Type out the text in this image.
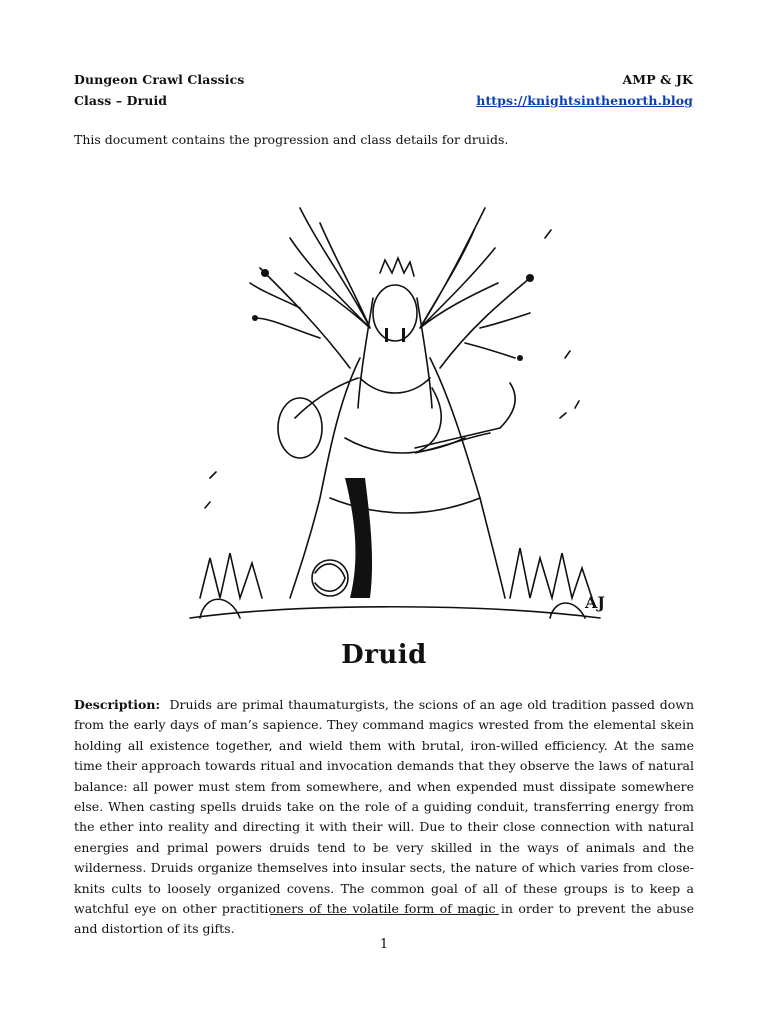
Dungeon Crawl Classics
Class – Druid
AMP & JK
https://knightsinthenorth.blog
This document contains the progression and class details for druids.
AJ
Druid
Description: Druids are primal thaumaturgists, the scions of an age old tradition passed down from the early days of man’s sapience. They command magics wrested from the elemental skein holding all existence together, and wield them with brutal, iron-willed efficiency. At the same time their approach towards ritual and invocation demands that they observe the laws of natural balance: all power must stem from somewhere, and when expended must dissipate somewhere else. When casting spells druids take on the role of a guiding conduit, transferring energy from the ether into reality and directing it with their will. Due to their close connection with natural energies and primal powers druids tend to be very skilled in the ways of animals and the wilderness. Druids organize themselves into insular sects, the nature of which varies from close-knits cults to loosely organized covens. The common goal of all of these groups is to keep a watchful eye on other practitioners of the volatile form of magic in order to prevent the abuse and distortion of its gifts.
1
